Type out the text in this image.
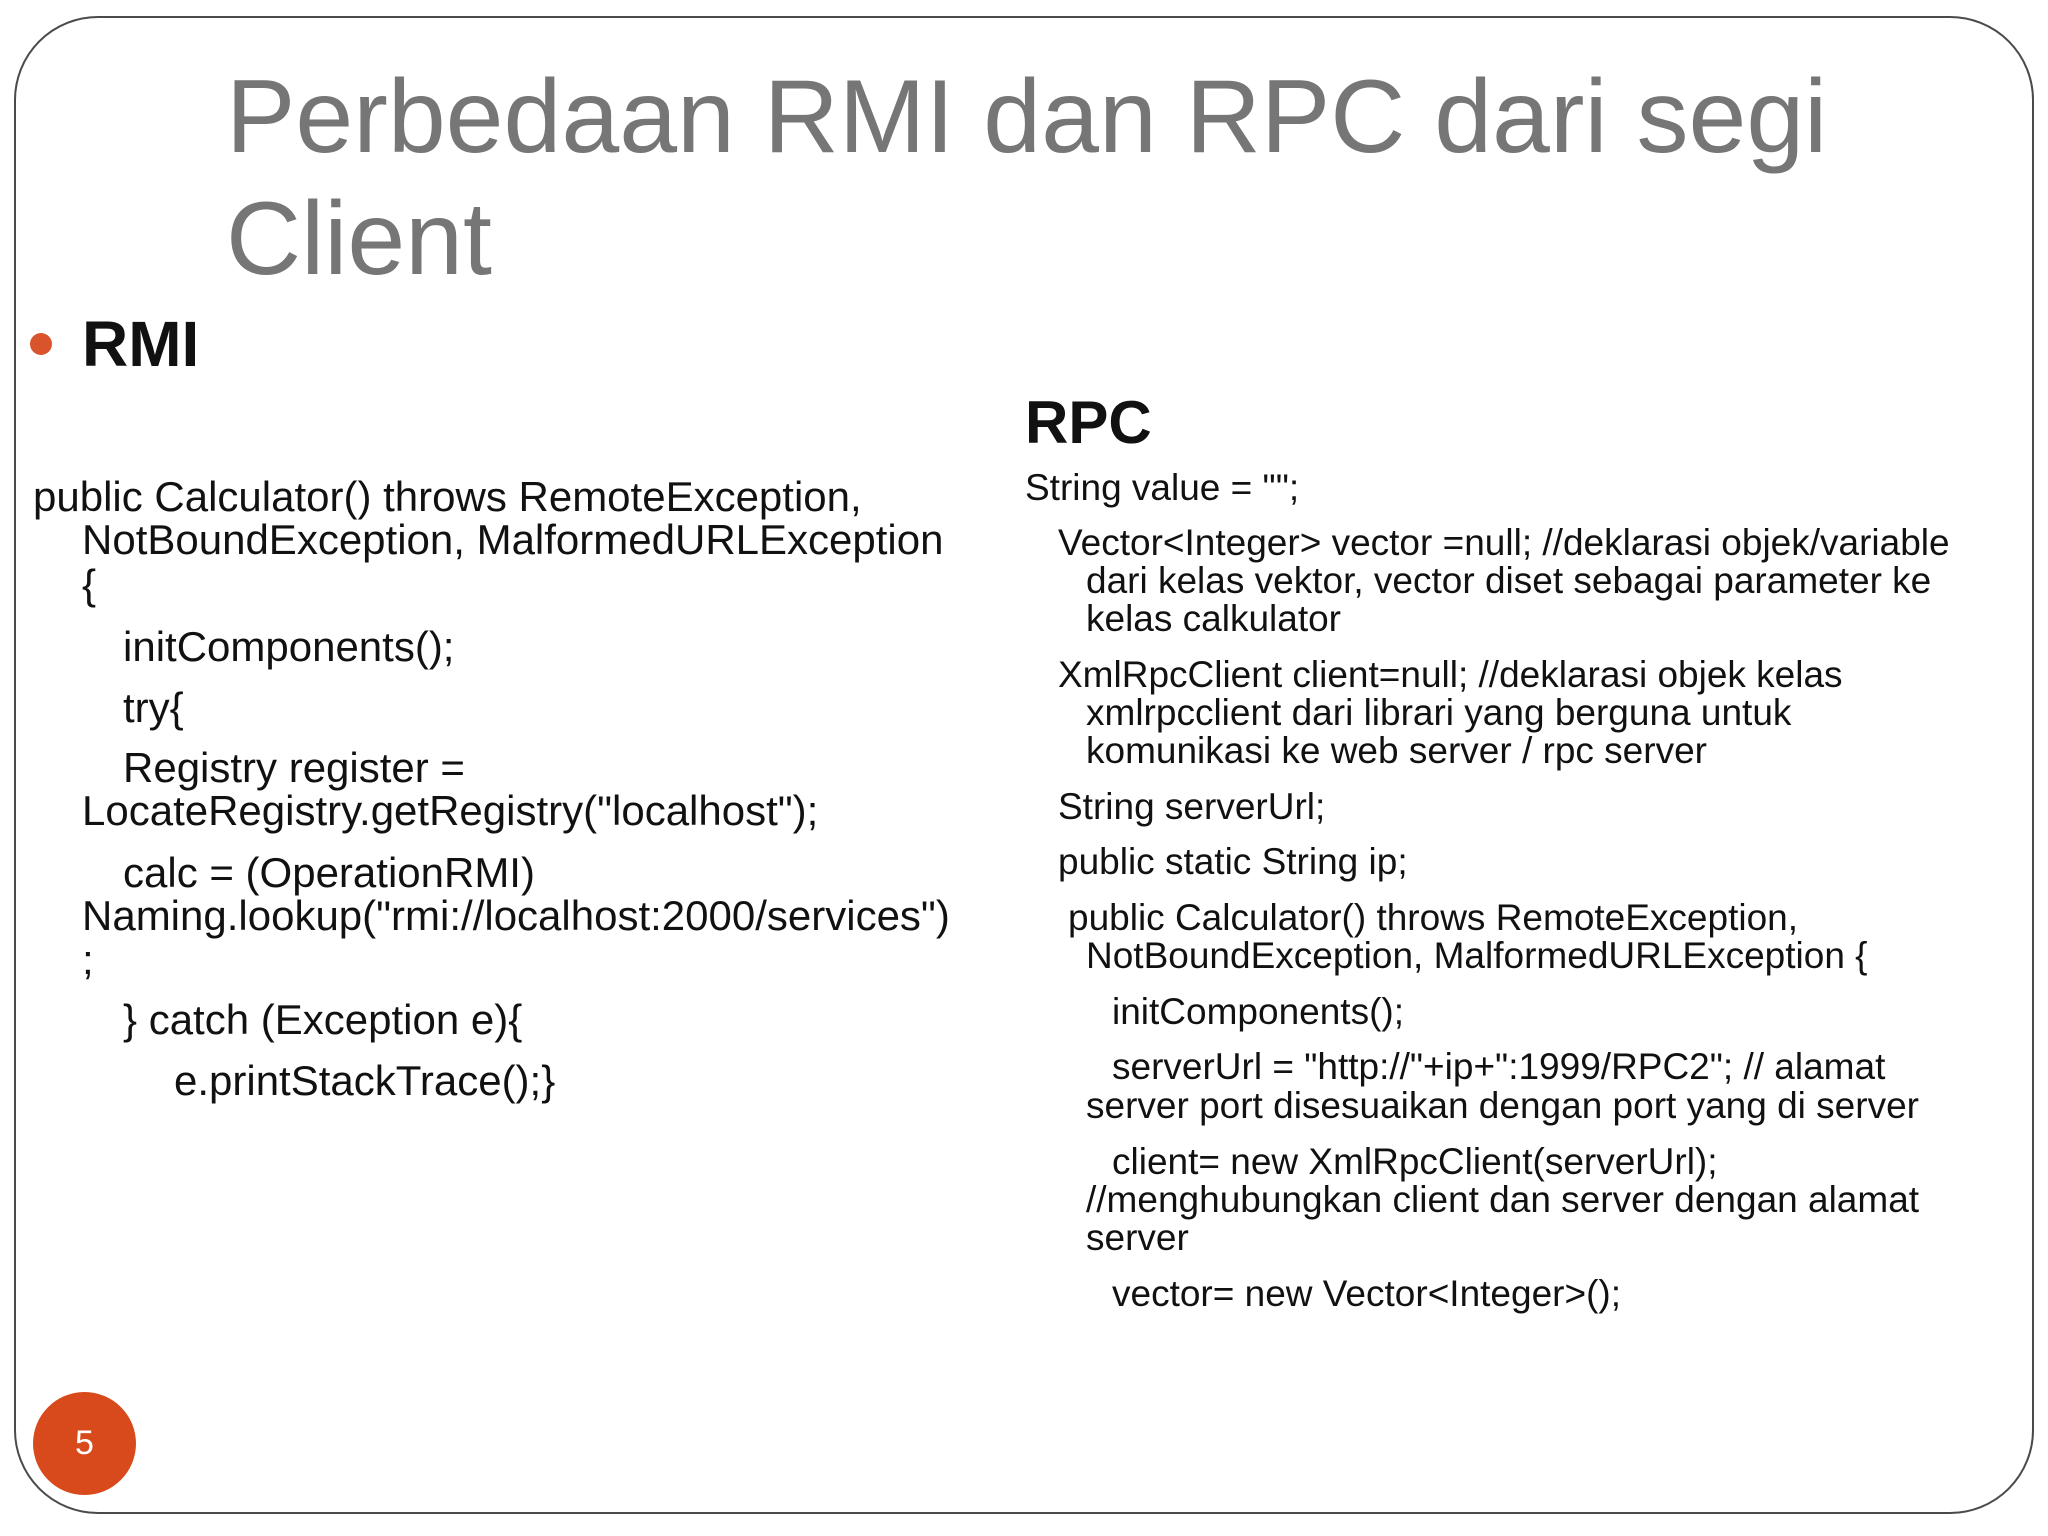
Perbedaan RMI dan RPC dari segi
Client
RMI

public Calculator() throws RemoteException,

NotBoundException, MalformedURLException

{

initComponents();

try{

Registry register =

LocateRegistry.getRegistry("localhost");

calc = (OperationRMI)

Naming.lookup("rmi://localhost:2000/services")

;

} catch (Exception e){

e.printStackTrace();}

RPC

String value = "";

Vector<Integer> vector =null; //deklarasi objek/variable

dari kelas vektor, vector diset sebagai parameter ke

kelas calkulator

XmlRpcClient client=null; //deklarasi objek kelas

xmlrpcclient dari librari yang berguna untuk

komunikasi ke web server / rpc server

String serverUrl;

public static String ip;

public Calculator() throws RemoteException,

NotBoundException, MalformedURLException {

initComponents();

serverUrl = "http://"+ip+":1999/RPC2"; // alamat

server port disesuaikan dengan port yang di server

client= new XmlRpcClient(serverUrl);

//menghubungkan client dan server dengan alamat

server

vector= new Vector<Integer>();

5
